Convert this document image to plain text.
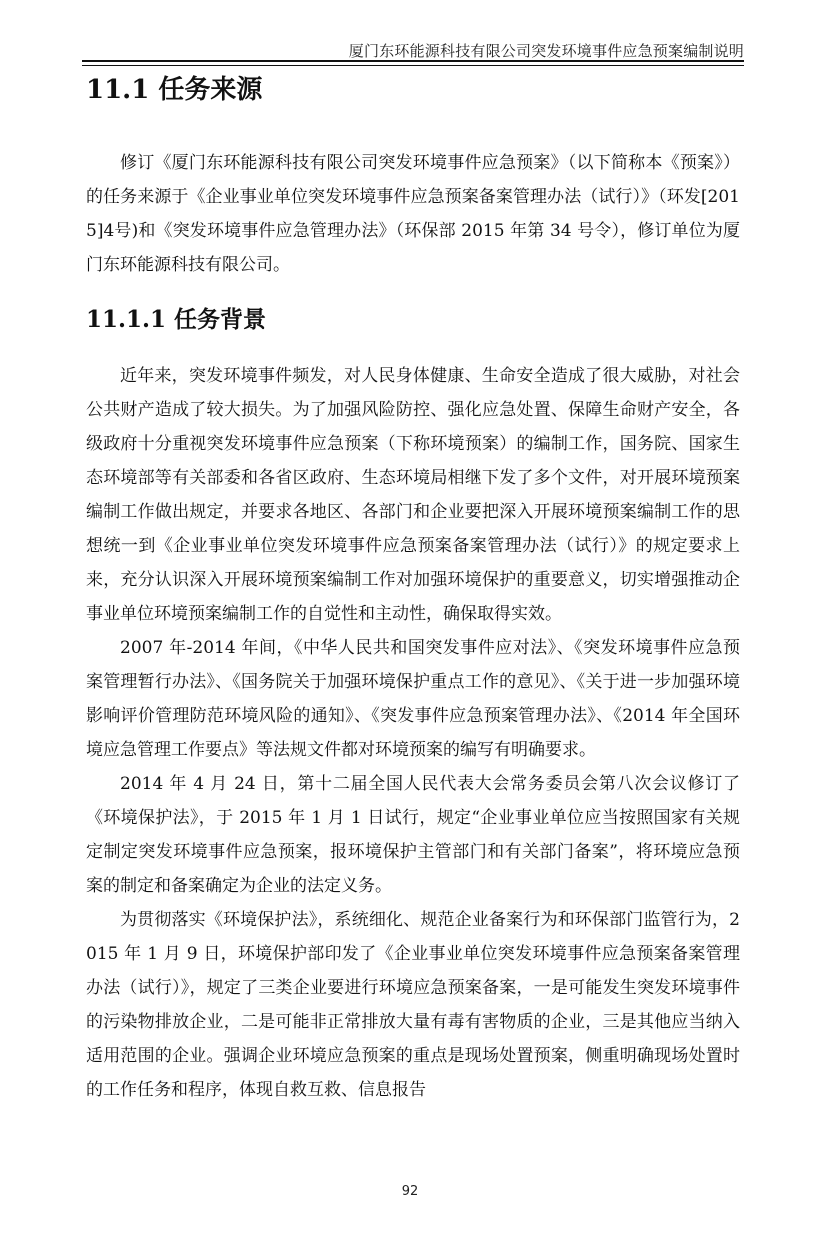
厦门东环能源科技有限公司突发环境事件应急预案编制说明
11.1 任务来源

修订《厦门东环能源科技有限公司突发环境事件应急预案》（以下简称本《预案》）的任务来源于《企业事业单位突发环境事件应急预案备案管理办法（试行）》（环发[2015]4号)和《突发环境事件应急管理办法》（环保部 2015 年第 34 号令），修订单位为厦门东环能源科技有限公司。

11.1.1 任务背景

近年来，突发环境事件频发，对人民身体健康、生命安全造成了很大威胁，对社会公共财产造成了较大损失。为了加强风险防控、强化应急处置、保障生命财产安全，各级政府十分重视突发环境事件应急预案（下称环境预案）的编制工作，国务院、国家生态环境部等有关部委和各省区政府、生态环境局相继下发了多个文件，对开展环境预案编制工作做出规定，并要求各地区、各部门和企业要把深入开展环境预案编制工作的思想统一到《企业事业单位突发环境事件应急预案备案管理办法（试行）》的规定要求上来，充分认识深入开展环境预案编制工作对加强环境保护的重要意义，切实增强推动企事业单位环境预案编制工作的自觉性和主动性，确保取得实效。

2007 年-2014 年间，《中华人民共和国突发事件应对法》、《突发环境事件应急预案管理暂行办法》、《国务院关于加强环境保护重点工作的意见》、《关于进一步加强环境影响评价管理防范环境风险的通知》、《突发事件应急预案管理办法》、《2014 年全国环境应急管理工作要点》等法规文件都对环境预案的编写有明确要求。

2014 年 4 月 24 日，第十二届全国人民代表大会常务委员会第八次会议修订了《环境保护法》，于 2015 年 1 月 1 日试行，规定“企业事业单位应当按照国家有关规定制定突发环境事件应急预案，报环境保护主管部门和有关部门备案”，将环境应急预案的制定和备案确定为企业的法定义务。

为贯彻落实《环境保护法》，系统细化、规范企业备案行为和环保部门监管行为，2015 年 1 月 9 日，环境保护部印发了《企业事业单位突发环境事件应急预案备案管理办法（试行）》，规定了三类企业要进行环境应急预案备案，一是可能发生突发环境事件的污染物排放企业，二是可能非正常排放大量有毒有害物质的企业，三是其他应当纳入适用范围的企业。强调企业环境应急预案的重点是现场处置预案，侧重明确现场处置时的工作任务和程序，体现自救互救、信息报告

92
